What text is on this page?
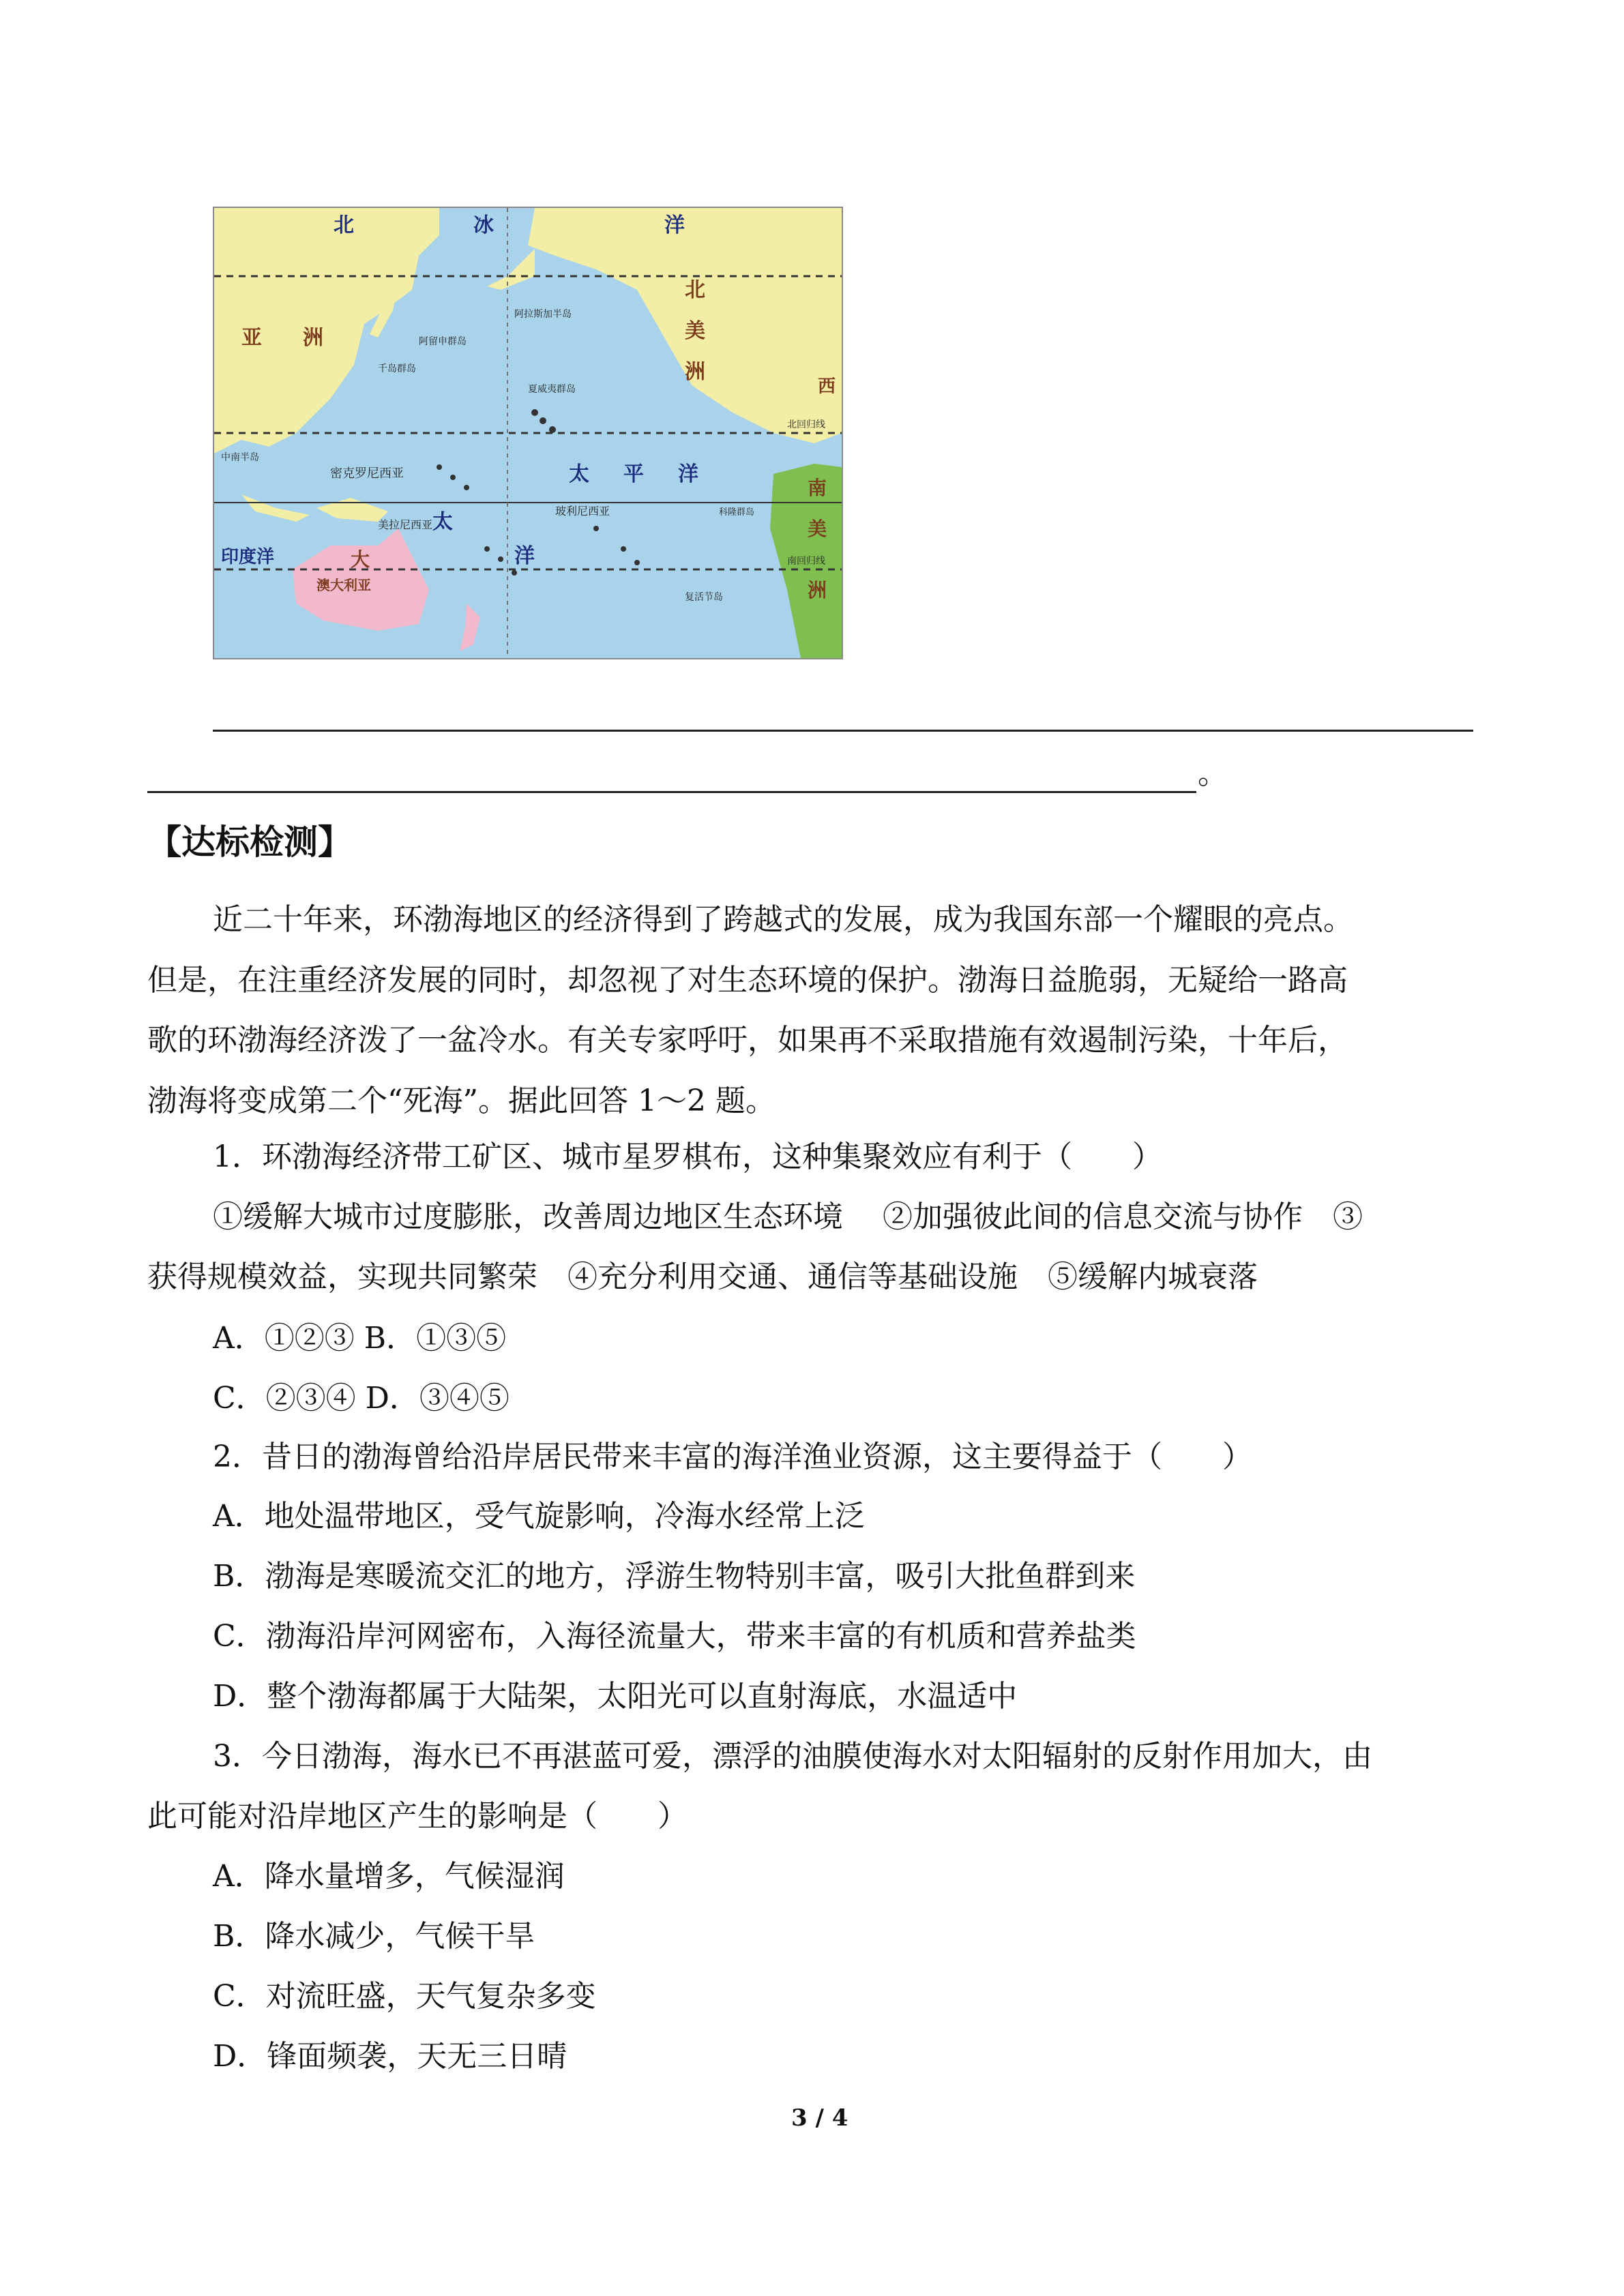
北	冰	洋
亚 洲
北
美
洲
阿拉斯加半岛
阿留申群岛
千岛群岛
夏威夷群岛
太 平 洋
太
洋
密克罗尼西亚
玻利尼西亚
美拉尼西亚
印度洋
澳大利亚
大
南
美
洲
西
北回归线
南回归线
科隆群岛
中南半岛
复活节岛
。
【达标检测】
近二十年来，环渤海地区的经济得到了跨越式的发展，成为我国东部一个耀眼的亮点。
但是，在注重经济发展的同时，却忽视了对生态环境的保护。渤海日益脆弱，无疑给一路高
歌的环渤海经济泼了一盆冷水。有关专家呼吁，如果再不采取措施有效遏制污染，十年后，
渤海将变成第二个“死海”。据此回答 1～2 题。
1．环渤海经济带工矿区、城市星罗棋布，这种集聚效应有利于（　　）
①缓解大城市过度膨胀，改善周边地区生态环境　 ②加强彼此间的信息交流与协作　③
获得规模效益，实现共同繁荣　④充分利用交通、通信等基础设施　⑤缓解内城衰落
A．①②③ B．①③⑤
C．②③④ D．③④⑤
2．昔日的渤海曾给沿岸居民带来丰富的海洋渔业资源，这主要得益于（　　）
A．地处温带地区，受气旋影响，冷海水经常上泛
B．渤海是寒暖流交汇的地方，浮游生物特别丰富，吸引大批鱼群到来
C．渤海沿岸河网密布，入海径流量大，带来丰富的有机质和营养盐类
D．整个渤海都属于大陆架，太阳光可以直射海底，水温适中
3．今日渤海，海水已不再湛蓝可爱，漂浮的油膜使海水对太阳辐射的反射作用加大，由
此可能对沿岸地区产生的影响是（　　）
A．降水量增多，气候湿润
B．降水减少，气候干旱
C．对流旺盛，天气复杂多变
D．锋面频袭，天无三日晴
3 / 4
